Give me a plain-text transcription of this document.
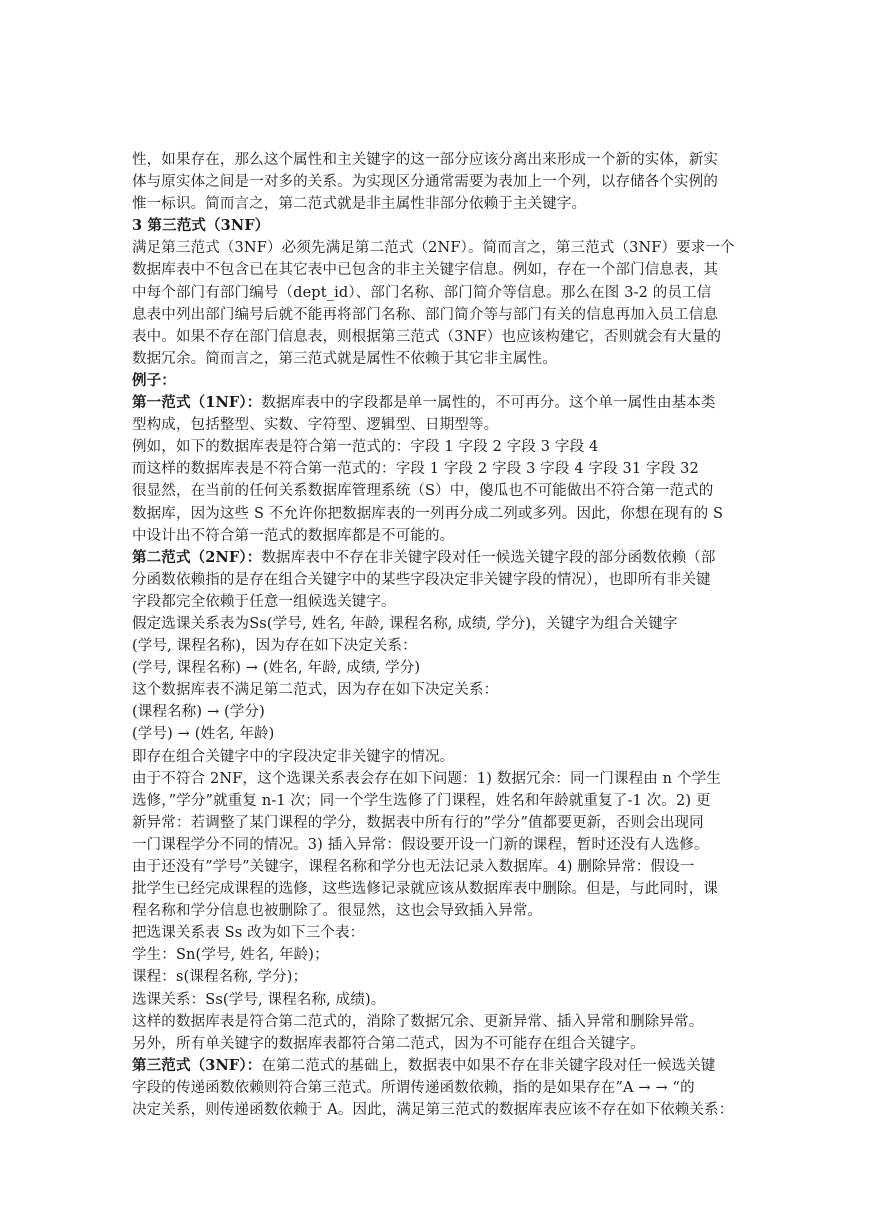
性，如果存在，那么这个属性和主关键字的这一部分应该分离出来形成一个新的实体，新实

体与原实体之间是一对多的关系。为实现区分通常需要为表加上一个列，以存储各个实例的

惟一标识。简而言之，第二范式就是非主属性非部分依赖于主关键字。

3 第三范式（3NF）

满足第三范式（3NF）必须先满足第二范式（2NF）。简而言之，第三范式（3NF）要求一个

数据库表中不包含已在其它表中已包含的非主关键字信息。例如，存在一个部门信息表，其

中每个部门有部门编号（dept_id）、部门名称、部门简介等信息。那么在图 3-2 的员工信

息表中列出部门编号后就不能再将部门名称、部门简介等与部门有关的信息再加入员工信息

表中。如果不存在部门信息表，则根据第三范式（3NF）也应该构建它，否则就会有大量的

数据冗余。简而言之，第三范式就是属性不依赖于其它非主属性。

例子：

第一范式（1NF）：数据库表中的字段都是单一属性的，不可再分。这个单一属性由基本类

型构成，包括整型、实数、字符型、逻辑型、日期型等。

例如，如下的数据库表是符合第一范式的：字段 1 字段 2 字段 3 字段 4

而这样的数据库表是不符合第一范式的：字段 1 字段 2 字段 3 字段 4 字段 31 字段 32

很显然，在当前的任何关系数据库管理系统（S）中，傻瓜也不可能做出不符合第一范式的

数据库，因为这些 S 不允许你把数据库表的一列再分成二列或多列。因此，你想在现有的 S

中设计出不符合第一范式的数据库都是不可能的。

第二范式（2NF）：数据库表中不存在非关键字段对任一候选关键字段的部分函数依赖（部

分函数依赖指的是存在组合关键字中的某些字段决定非关键字段的情况），也即所有非关键

字段都完全依赖于任意一组候选关键字。

假定选课关系表为Ss(学号, 姓名, 年龄, 课程名称, 成绩, 学分)，关键字为组合关键字

(学号, 课程名称)，因为存在如下决定关系：

(学号, 课程名称) → (姓名, 年龄, 成绩, 学分)

这个数据库表不满足第二范式，因为存在如下决定关系：

(课程名称) → (学分)

(学号) → (姓名, 年龄)

即存在组合关键字中的字段决定非关键字的情况。

由于不符合 2NF，这个选课关系表会存在如下问题：1) 数据冗余：同一门课程由 n 个学生

选修，”学分”就重复 n-1 次；同一个学生选修了门课程，姓名和年龄就重复了-1 次。2) 更

新异常：若调整了某门课程的学分，数据表中所有行的”学分”值都要更新，否则会出现同

一门课程学分不同的情况。3) 插入异常：假设要开设一门新的课程，暂时还没有人选修。

由于还没有”学号”关键字，课程名称和学分也无法记录入数据库。4) 删除异常：假设一

批学生已经完成课程的选修，这些选修记录就应该从数据库表中删除。但是，与此同时，课

程名称和学分信息也被删除了。很显然，这也会导致插入异常。

把选课关系表 Ss 改为如下三个表：

学生：Sn(学号, 姓名, 年龄)；

课程：s(课程名称, 学分)；

选课关系：Ss(学号, 课程名称, 成绩)。

这样的数据库表是符合第二范式的，消除了数据冗余、更新异常、插入异常和删除异常。

另外，所有单关键字的数据库表都符合第二范式，因为不可能存在组合关键字。

第三范式（3NF）：在第二范式的基础上，数据表中如果不存在非关键字段对任一候选关键

字段的传递函数依赖则符合第三范式。所谓传递函数依赖，指的是如果存在”A → → “的

决定关系，则传递函数依赖于 A。因此，满足第三范式的数据库表应该不存在如下依赖关系：
